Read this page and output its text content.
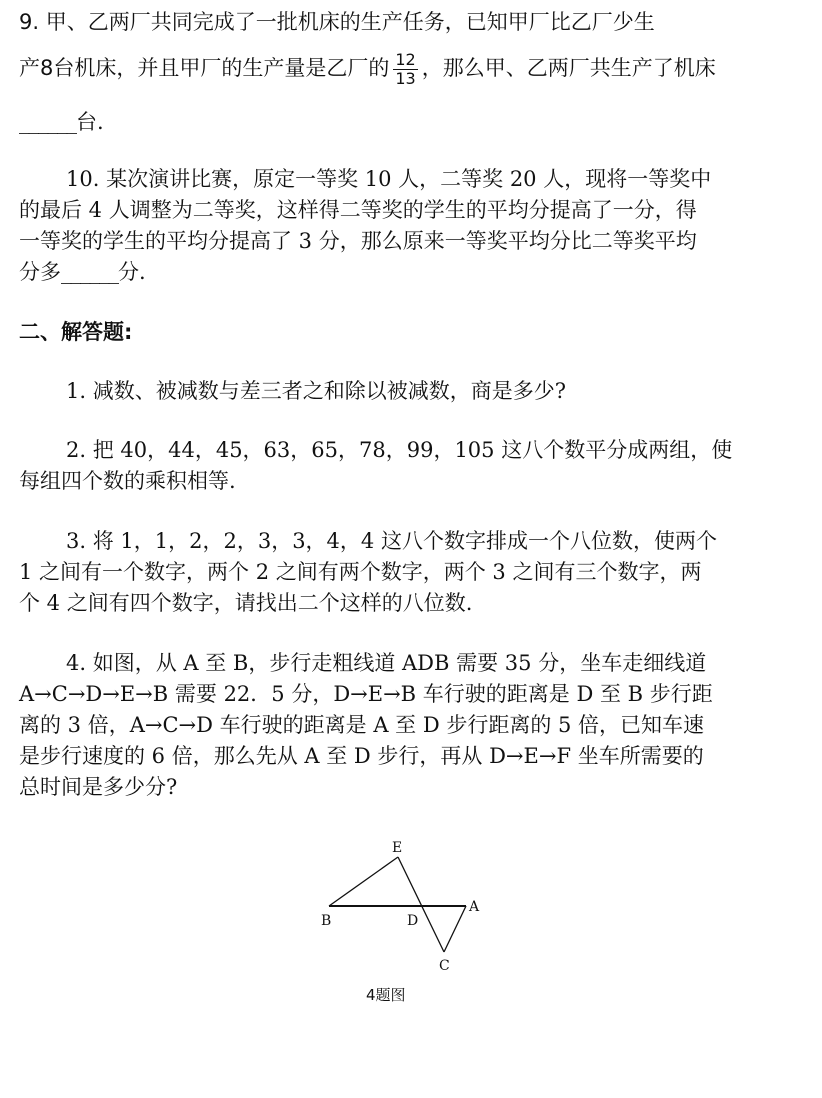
9. 甲、乙两厂共同完成了一批机床的生产任务，已知甲厂比乙厂少生
产8台机床，并且甲厂的生产量是乙厂的 $\frac{12}{13}$ ，那么甲、乙两厂共生产了机床
______台.
10. 某次演讲比赛，原定一等奖 10 人，二等奖 20 人，现将一等奖中
的最后 4 人调整为二等奖，这样得二等奖的学生的平均分提高了一分，得
一等奖的学生的平均分提高了 3 分，那么原来一等奖平均分比二等奖平均
分多______分.
二、解答题:
1. 减数、被减数与差三者之和除以被减数，商是多少?
2. 把 40，44，45，63，65，78，99，105 这八个数平分成两组，使
每组四个数的乘积相等.
3. 将 1，1，2，2，3，3，4，4 这八个数字排成一个八位数，使两个
1 之间有一个数字，两个 2 之间有两个数字，两个 3 之间有三个数字，两
个 4 之间有四个数字，请找出二个这样的八位数.
4. 如图，从 A 至 B，步行走粗线道 ADB 需要 35 分，坐车走细线道
A→C→D→E→B 需要 22．5 分，D→E→B 车行驶的距离是 D 至 B 步行距
离的 3 倍，A→C→D 车行驶的距离是 A 至 D 步行距离的 5 倍，已知车速
是步行速度的 6 倍，那么先从 A 至 D 步行，再从 D→E→F 坐车所需要的
总时间是多少分?
E
B	D
A
C
4题图
